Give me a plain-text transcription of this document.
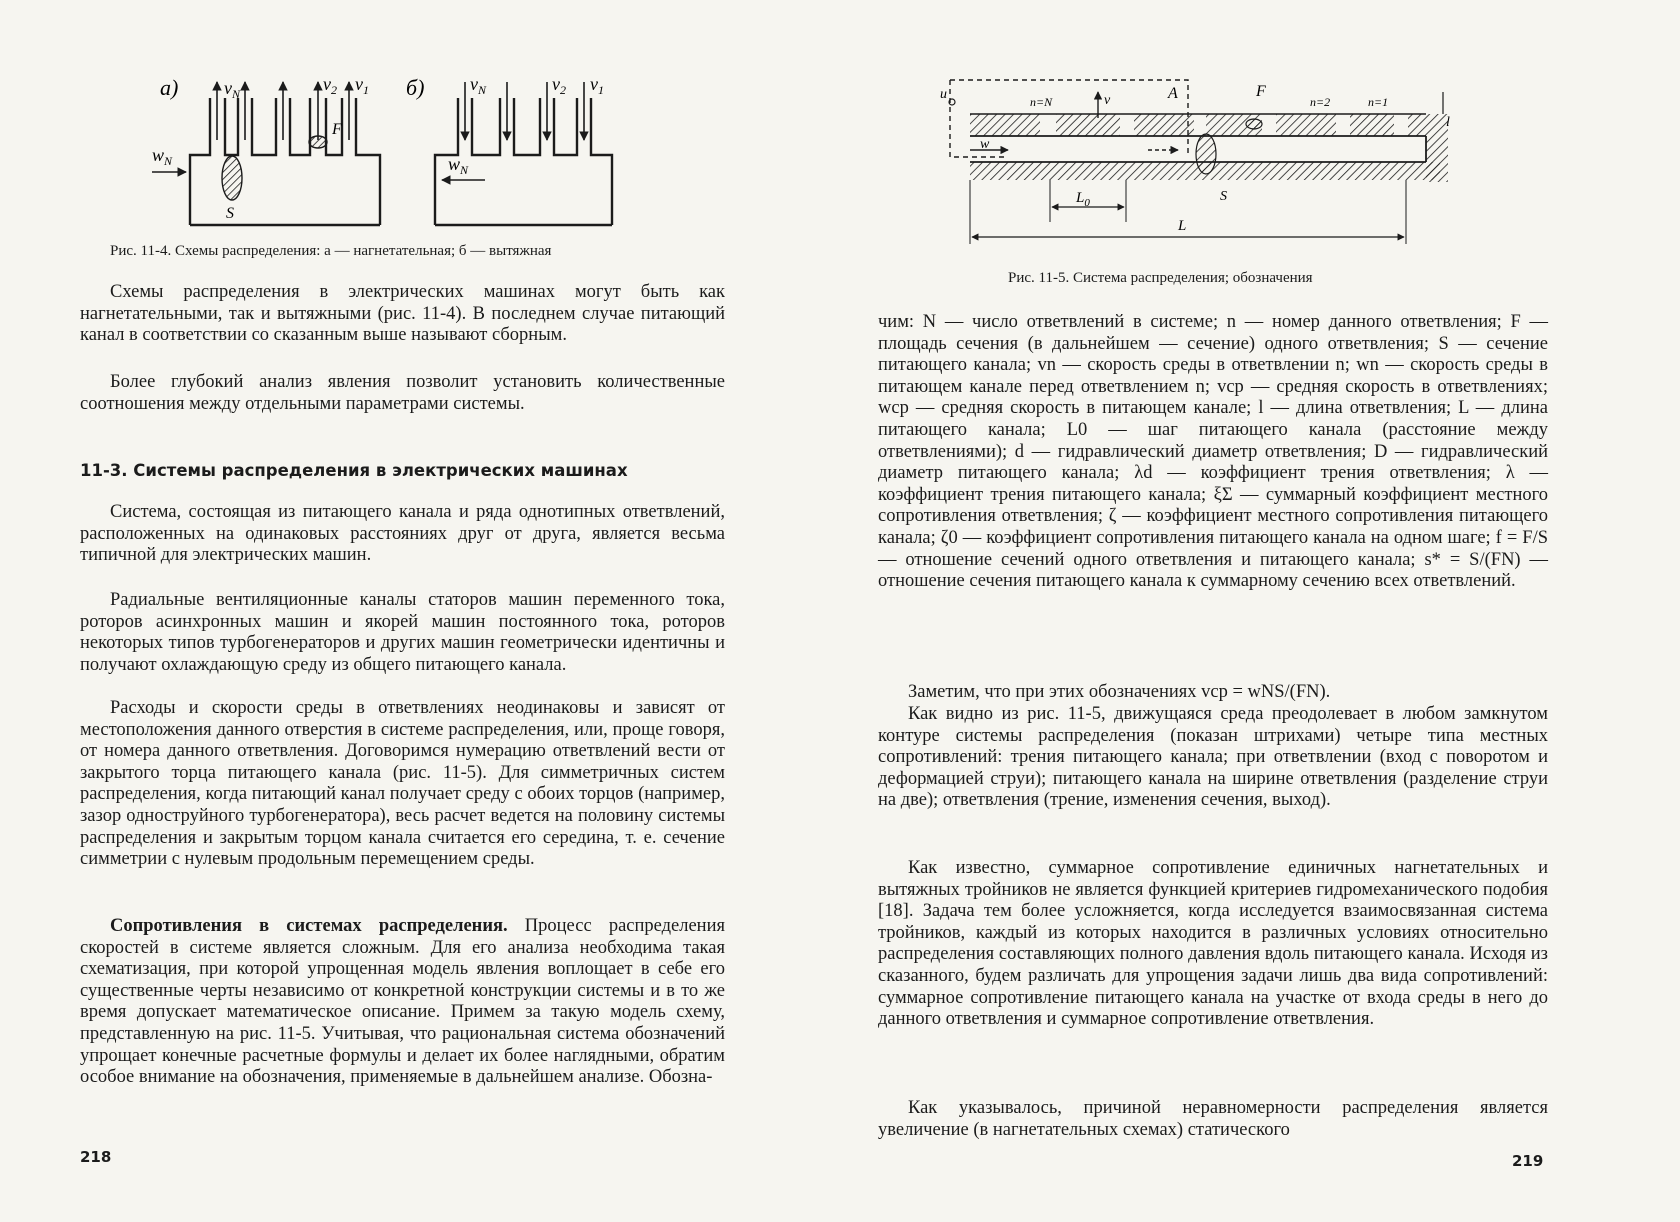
а)	$v_N$	$v_2$ $v_1$
F
S
$w_N$
б)	$v_N$	$v_2$ $v_1$
$w_N$

Рис. 11-4. Схемы распределения: а — нагнетательная; б — вытяжная

Схемы распределения в электрических машинах могут быть как нагнетательными, так и вытяжными (рис. 11-4). В последнем случае питающий канал в соответствии со сказанным выше называют сборным.

Более глубокий анализ явления позволит установить количественные соотношения между отдельными параметрами системы.

11-3. Системы распределения в электрических машинах

Система, состоящая из питающего канала и ряда однотипных ответвлений, расположенных на одинаковых расстояниях друг от друга, является весьма типичной для электрических машин.

Радиальные вентиляционные каналы статоров машин переменного тока, роторов асинхронных машин и якорей машин постоянного тока, роторов некоторых типов турбогенераторов и других машин геометрически идентичны и получают охлаждающую среду из общего питающего канала.

Расходы и скорости среды в ответвлениях неодинаковы и зависят от местоположения данного отверстия в системе распределения, или, проще говоря, от номера данного ответвления. Договоримся нумерацию ответвлений вести от закрытого торца питающего канала (рис. 11-5). Для симметричных систем распределения, когда питающий канал получает среду с обоих торцов (например, зазор одноструйного турбогенератора), весь расчет ведется на половину системы распределения и закрытым торцом канала считается его середина, т. е. сечение симметрии с нулевым продольным перемещением среды.

Сопротивления в системах распределения. Процесс распределения скоростей в системе является сложным. Для его анализа необходима такая схематизация, при которой упрощенная модель явления воплощает в себе его существенные черты независимо от конкретной конструкции системы и в то же время допускает математическое описание. Примем за такую модель схему, представленную на рис. 11-5. Учитывая, что рациональная система обозначений упрощает конечные расчетные формулы и делает их более наглядными, обратим особое внимание на обозначения, применяемые в дальнейшем анализе. Обозна-

218

u	A
n=N	v
F
n=2	n=1
l
w
S
$L_0$
L

Рис. 11-5. Система распределения; обозначения

чим: N — число ответвлений в системе; n — номер данного ответвления; F — площадь сечения (в дальнейшем — сечение) одного ответвления; S — сечение питающего канала; vn — скорость среды в ответвлении n; wn — скорость среды в питающем канале перед ответвлением n; vср — средняя скорость в ответвлениях; wср — средняя скорость в питающем канале; l — длина ответвления; L — длина питающего канала; L0 — шаг питающего канала (расстояние между ответвлениями); d — гидравлический диаметр ответвления; D — гидравлический диаметр питающего канала; λd — коэффициент трения ответвления; λ — коэффициент трения питающего канала; ξΣ — суммарный коэффициент местного сопротивления ответвления; ζ — коэффициент местного сопротивления питающего канала; ζ0 — коэффициент сопротивления питающего канала на одном шаге; f = F/S — отношение сечений одного ответвления и питающего канала; s* = S/(FN) — отношение сечения питающего канала к суммарному сечению всех ответвлений.

Заметим, что при этих обозначениях vср = wNS/(FN).

Как видно из рис. 11-5, движущаяся среда преодолевает в любом замкнутом контуре системы распределения (показан штрихами) четыре типа местных сопротивлений: трения питающего канала; при ответвлении (вход с поворотом и деформацией струи); питающего канала на ширине ответвления (разделение струи на две); ответвления (трение, изменения сечения, выход).

Как известно, суммарное сопротивление единичных нагнетательных и вытяжных тройников не является функцией критериев гидромеханического подобия [18]. Задача тем более усложняется, когда исследуется взаимосвязанная система тройников, каждый из которых находится в различных условиях относительно распределения составляющих полного давления вдоль питающего канала. Исходя из сказанного, будем различать для упрощения задачи лишь два вида сопротивлений: суммарное сопротивление питающего канала на участке от входа среды в него до данного ответвления и суммарное сопротивление ответвления.

Как указывалось, причиной неравномерности распределения является увеличение (в нагнетательных схемах) статического

219
